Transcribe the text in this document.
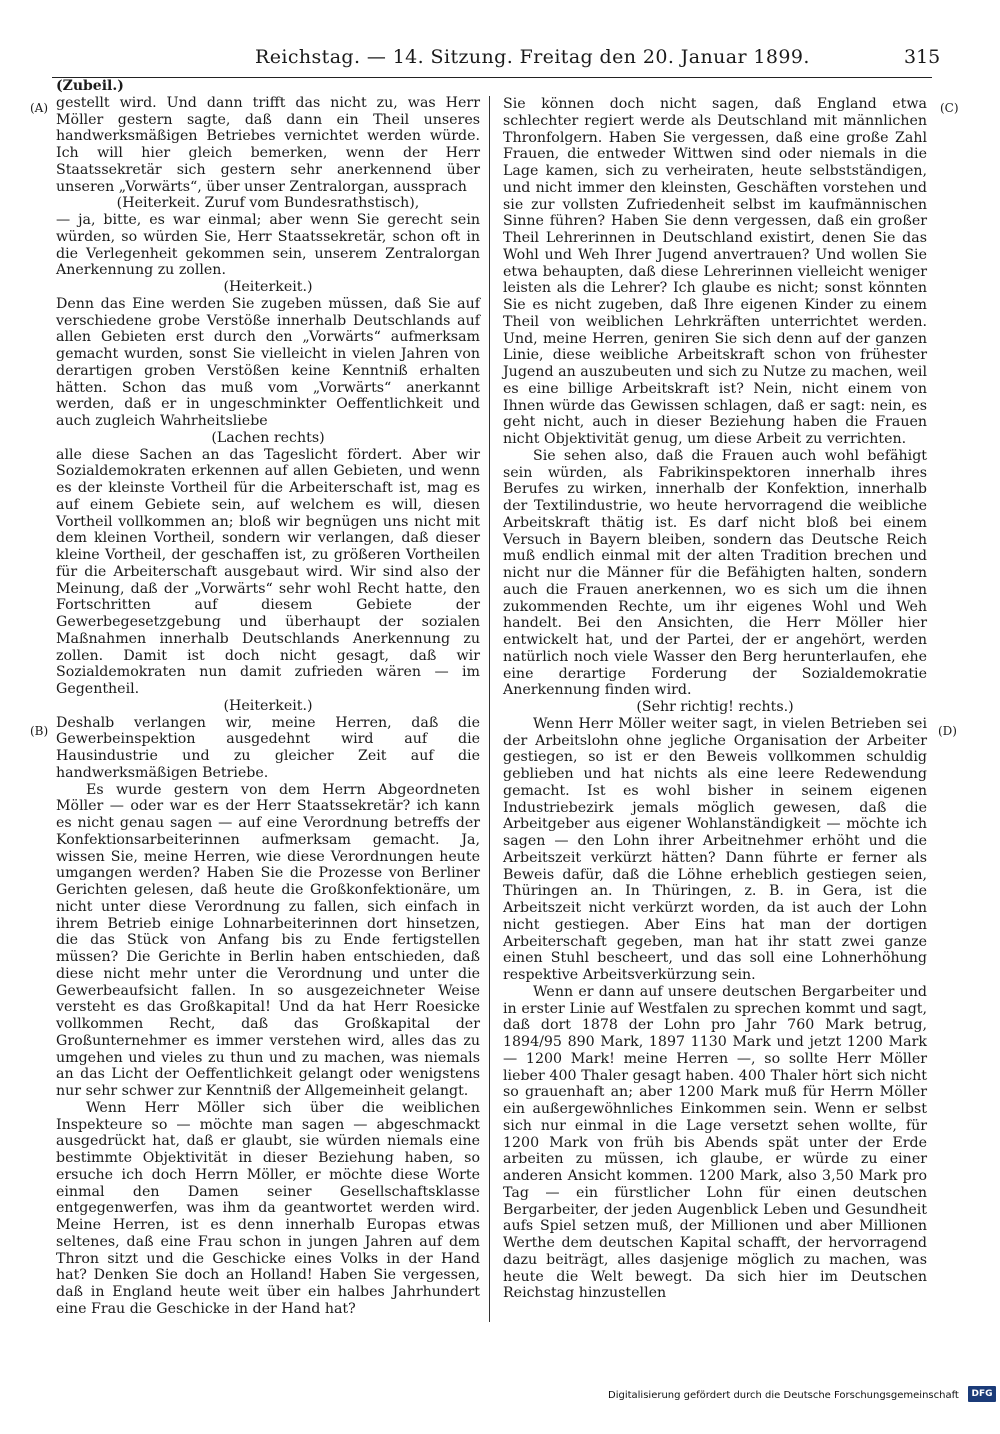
Reichstag. — 14. Sitzung. Freitag den 20. Januar 1899.	315
(A)
(B)
(C)
(D)

(Zubeil.)

gestellt wird. Und dann trifft das nicht zu, was Herr Möller gestern sagte, daß dann ein Theil unseres handwerksmäßigen Betriebes vernichtet werden würde. Ich will hier gleich bemerken, wenn der Herr Staatssekretär sich gestern sehr anerkennend über unseren „Vorwärts“, über unser Zentralorgan, aussprach

(Heiterkeit. Zuruf vom Bundesrathstisch),

— ja, bitte, es war einmal; aber wenn Sie gerecht sein würden, so würden Sie, Herr Staatssekretär, schon oft in die Verlegenheit gekommen sein, unserem Zentralorgan Anerkennung zu zollen.

(Heiterkeit.)

Denn das Eine werden Sie zugeben müssen, daß Sie auf verschiedene grobe Verstöße innerhalb Deutschlands auf allen Gebieten erst durch den „Vorwärts“ aufmerksam gemacht wurden, sonst Sie vielleicht in vielen Jahren von derartigen groben Verstößen keine Kenntniß erhalten hätten. Schon das muß vom „Vorwärts“ anerkannt werden, daß er in ungeschminkter Oeffentlichkeit und auch zugleich Wahrheitsliebe

(Lachen rechts)

alle diese Sachen an das Tageslicht fördert. Aber wir Sozialdemokraten erkennen auf allen Gebieten, und wenn es der kleinste Vortheil für die Arbeiterschaft ist, mag es auf einem Gebiete sein, auf welchem es will, diesen Vortheil vollkommen an; bloß wir begnügen uns nicht mit dem kleinen Vortheil, sondern wir verlangen, daß dieser kleine Vortheil, der geschaffen ist, zu größeren Vortheilen für die Arbeiterschaft ausgebaut wird. Wir sind also der Meinung, daß der „Vorwärts“ sehr wohl Recht hatte, den Fortschritten auf diesem Gebiete der Gewerbegesetzgebung und überhaupt der sozialen Maßnahmen innerhalb Deutschlands Anerkennung zu zollen. Damit ist doch nicht gesagt, daß wir Sozialdemokraten nun damit zufrieden wären — im Gegentheil.

(Heiterkeit.)

Deshalb verlangen wir, meine Herren, daß die Gewerbeinspektion ausgedehnt wird auf die Hausindustrie und zu gleicher Zeit auf die handwerksmäßigen Betriebe.

Es wurde gestern von dem Herrn Abgeordneten Möller — oder war es der Herr Staatssekretär? ich kann es nicht genau sagen — auf eine Verordnung betreffs der Konfektionsarbeiterinnen aufmerksam gemacht. Ja, wissen Sie, meine Herren, wie diese Verordnungen heute umgangen werden? Haben Sie die Prozesse von Berliner Gerichten gelesen, daß heute die Großkonfektionäre, um nicht unter diese Verordnung zu fallen, sich einfach in ihrem Betrieb einige Lohnarbeiterinnen dort hinsetzen, die das Stück von Anfang bis zu Ende fertigstellen müssen? Die Gerichte in Berlin haben entschieden, daß diese nicht mehr unter die Verordnung und unter die Gewerbeaufsicht fallen. In so ausgezeichneter Weise versteht es das Großkapital! Und da hat Herr Roesicke vollkommen Recht, daß das Großkapital der Großunternehmer es immer verstehen wird, alles das zu umgehen und vieles zu thun und zu machen, was niemals an das Licht der Oeffentlichkeit gelangt oder wenigstens nur sehr schwer zur Kenntniß der Allgemeinheit gelangt.

Wenn Herr Möller sich über die weiblichen Inspekteure so — möchte man sagen — abgeschmackt ausgedrückt hat, daß er glaubt, sie würden niemals eine bestimmte Objektivität in dieser Beziehung haben, so ersuche ich doch Herrn Möller, er möchte diese Worte einmal den Damen seiner Gesellschaftsklasse entgegenwerfen, was ihm da geantwortet werden wird. Meine Herren, ist es denn innerhalb Europas etwas seltenes, daß eine Frau schon in jungen Jahren auf dem Thron sitzt und die Geschicke eines Volks in der Hand hat? Denken Sie doch an Holland! Haben Sie vergessen, daß in England heute weit über ein halbes Jahrhundert eine Frau die Geschicke in der Hand hat?

Sie können doch nicht sagen, daß England etwa schlechter regiert werde als Deutschland mit männlichen Thronfolgern. Haben Sie vergessen, daß eine große Zahl Frauen, die entweder Wittwen sind oder niemals in die Lage kamen, sich zu verheiraten, heute selbstständigen, und nicht immer den kleinsten, Geschäften vorstehen und sie zur vollsten Zufriedenheit selbst im kaufmännischen Sinne führen? Haben Sie denn vergessen, daß ein großer Theil Lehrerinnen in Deutschland existirt, denen Sie das Wohl und Weh Ihrer Jugend anvertrauen? Und wollen Sie etwa behaupten, daß diese Lehrerinnen vielleicht weniger leisten als die Lehrer? Ich glaube es nicht; sonst könnten Sie es nicht zugeben, daß Ihre eigenen Kinder zu einem Theil von weiblichen Lehrkräften unterrichtet werden. Und, meine Herren, geniren Sie sich denn auf der ganzen Linie, diese weibliche Arbeitskraft schon von frühester Jugend an auszubeuten und sich zu Nutze zu machen, weil es eine billige Arbeitskraft ist? Nein, nicht einem von Ihnen würde das Gewissen schlagen, daß er sagt: nein, es geht nicht, auch in dieser Beziehung haben die Frauen nicht Objektivität genug, um diese Arbeit zu verrichten.

Sie sehen also, daß die Frauen auch wohl befähigt sein würden, als Fabrikinspektoren innerhalb ihres Berufes zu wirken, innerhalb der Konfektion, innerhalb der Textilindustrie, wo heute hervorragend die weibliche Arbeitskraft thätig ist. Es darf nicht bloß bei einem Versuch in Bayern bleiben, sondern das Deutsche Reich muß endlich einmal mit der alten Tradition brechen und nicht nur die Männer für die Befähigten halten, sondern auch die Frauen anerkennen, wo es sich um die ihnen zukommenden Rechte, um ihr eigenes Wohl und Weh handelt. Bei den Ansichten, die Herr Möller hier entwickelt hat, und der Partei, der er angehört, werden natürlich noch viele Wasser den Berg herunterlaufen, ehe eine derartige Forderung der Sozialdemokratie Anerkennung finden wird.

(Sehr richtig! rechts.)

Wenn Herr Möller weiter sagt, in vielen Betrieben sei der Arbeitslohn ohne jegliche Organisation der Arbeiter gestiegen, so ist er den Beweis vollkommen schuldig geblieben und hat nichts als eine leere Redewendung gemacht. Ist es wohl bisher in seinem eigenen Industriebezirk jemals möglich gewesen, daß die Arbeitgeber aus eigener Wohlanständigkeit — möchte ich sagen — den Lohn ihrer Arbeitnehmer erhöht und die Arbeitszeit verkürzt hätten? Dann führte er ferner als Beweis dafür, daß die Löhne erheblich gestiegen seien, Thüringen an. In Thüringen, z. B. in Gera, ist die Arbeitszeit nicht verkürzt worden, da ist auch der Lohn nicht gestiegen. Aber Eins hat man der dortigen Arbeiterschaft gegeben, man hat ihr statt zwei ganze einen Stuhl bescheert, und das soll eine Lohnerhöhung respektive Arbeitsverkürzung sein.

Wenn er dann auf unsere deutschen Bergarbeiter und in erster Linie auf Westfalen zu sprechen kommt und sagt, daß dort 1878 der Lohn pro Jahr 760 Mark betrug, 1894/95 890 Mark, 1897 1130 Mark und jetzt 1200 Mark — 1200 Mark! meine Herren —, so sollte Herr Möller lieber 400 Thaler gesagt haben. 400 Thaler hört sich nicht so grauenhaft an; aber 1200 Mark muß für Herrn Möller ein außergewöhnliches Einkommen sein. Wenn er selbst sich nur einmal in die Lage versetzt sehen wollte, für 1200 Mark von früh bis Abends spät unter der Erde arbeiten zu müssen, ich glaube, er würde zu einer anderen Ansicht kommen. 1200 Mark, also 3,50 Mark pro Tag — ein fürstlicher Lohn für einen deutschen Bergarbeiter, der jeden Augenblick Leben und Gesundheit aufs Spiel setzen muß, der Millionen und aber Millionen Werthe dem deutschen Kapital schafft, der hervorragend dazu beiträgt, alles dasjenige möglich zu machen, was heute die Welt bewegt. Da sich hier im Deutschen Reichstag hinzustellen

Digitalisierung gefördert durch die Deutsche Forschungsgemeinschaft	DFG
